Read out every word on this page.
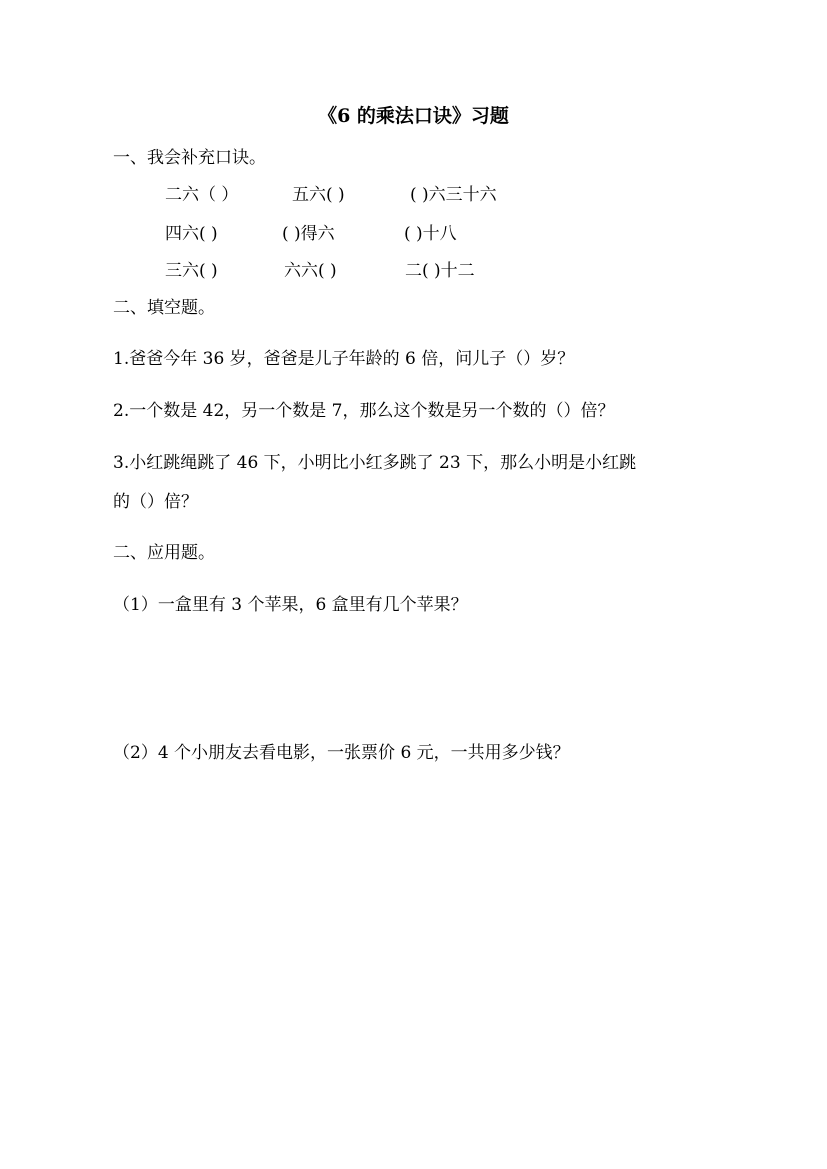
《6 的乘法口诀》习题
一、我会补充口诀。
二六（ ）	五六( )	( )六三十六
四六( )	( )得六	( )十八
三六( )	六六( )	二( )十二
二、填空题。
1.爸爸今年 36 岁，爸爸是儿子年龄的 6 倍，问儿子（）岁？
2.一个数是 42，另一个数是 7，那么这个数是另一个数的（）倍？
3.小红跳绳跳了 46 下，小明比小红多跳了 23 下，那么小明是小红跳
的（）倍？
二、应用题。
（1）一盒里有 3 个苹果，6 盒里有几个苹果？
（2）4 个小朋友去看电影，一张票价 6 元，一共用多少钱？
